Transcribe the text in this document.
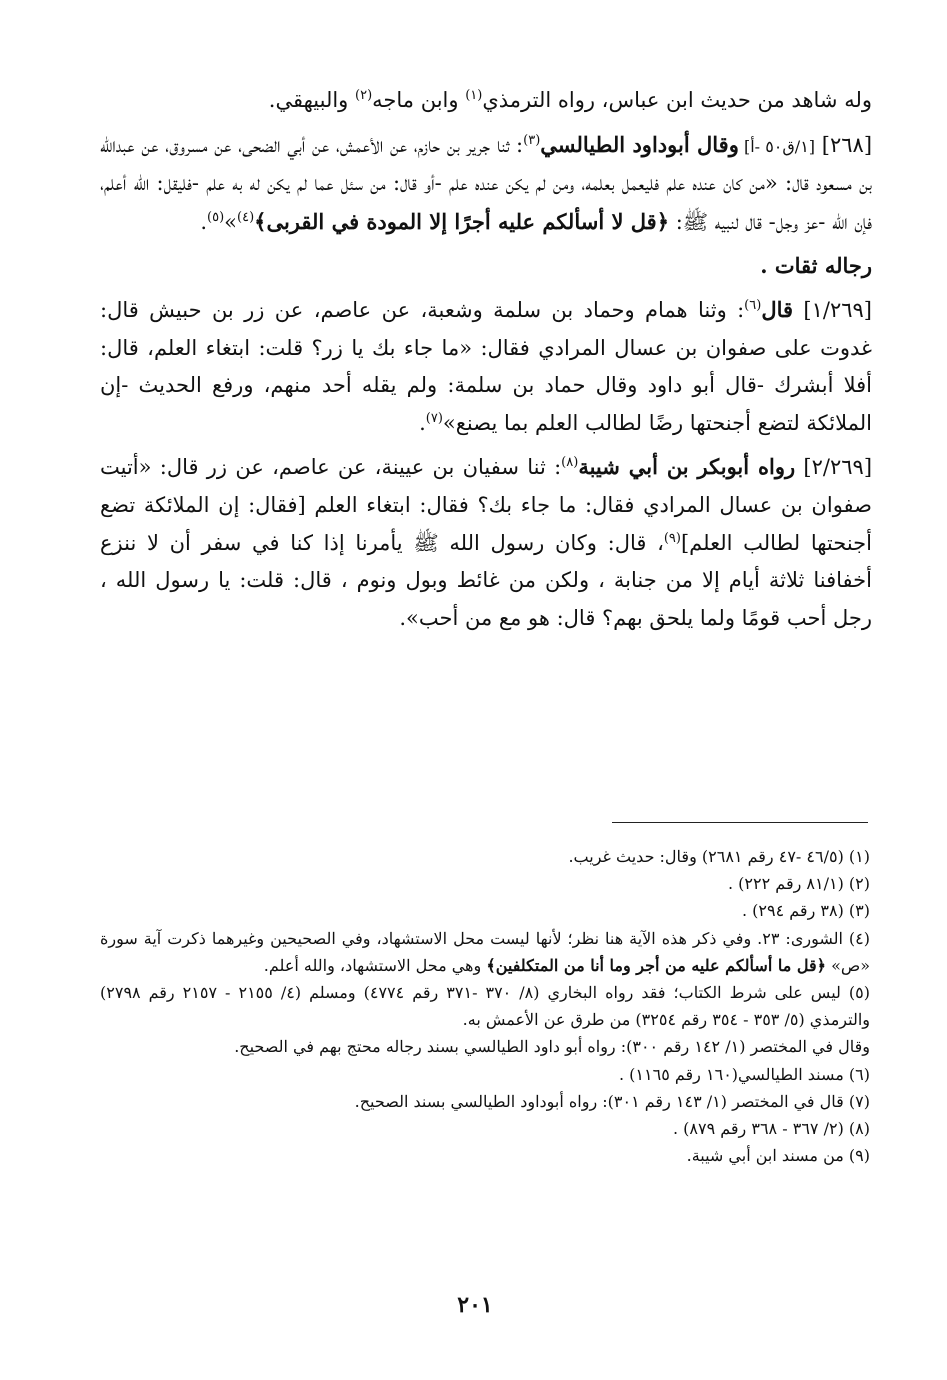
وله شاهد من حديث ابن عباس، رواه الترمذي$^{(١)}$ وابن ماجه$^{(٢)}$ والبيهقي.

[٢٦٨] [١/ق٥٠ -أ] وقال أبوداود الطيالسي$^{(٣)}$: ثنا جرير بن حازم، عن الأعمش، عن أبي الضحى، عن مسروق، عن عبدالله بن مسعود قال: «من كان عنده علم فليعمل بعلمه، ومن لم يكن عنده علم -أو قال: من سئل عما لم يكن له به علم -فليقل: الله أعلم، فإن الله -عز وجل- قال لنبيه ﷺ: ﴿قل لا أسألكم عليه أجرًا إلا المودة في القربى﴾$^{(٤)}$»$^{(٥)}$.

رجاله ثقات .

[١/٢٦٩] قال$^{(٦)}$: وثنا همام وحماد بن سلمة وشعبة، عن عاصم، عن زر بن حبيش قال: غدوت على صفوان بن عسال المرادي فقال: «ما جاء بك يا زر؟ قلت: ابتغاء العلم، قال: أفلا أبشرك -قال أبو داود وقال حماد بن سلمة: ولم يقله أحد منهم، ورفع الحديث -إن الملائكة لتضع أجنحتها رضًا لطالب العلم بما يصنع»$^{(٧)}$.

[٢/٢٦٩] رواه أبوبكر بن أبي شيبة$^{(٨)}$: ثنا سفيان بن عيينة، عن عاصم، عن زر قال: «أتيت صفوان بن عسال المرادي فقال: ما جاء بك؟ فقال: ابتغاء العلم [فقال: إن الملائكة تضع أجنحتها لطالب العلم]$^{(٩)}$، قال: وكان رسول الله ﷺ يأمرنا إذا كنا في سفر أن لا ننزع أخفافنا ثلاثة أيام إلا من جنابة ، ولكن من غائط وبول ونوم ، قال: قلت: يا رسول الله ، رجل أحب قومًا ولما يلحق بهم؟ قال: هو مع من أحب».

(١) (٤٦/٥ -٤٧ رقم ٢٦٨١) وقال: حديث غريب.

(٢) (٨١/١ رقم ٢٢٢) .

(٣) (٣٨ رقم ٢٩٤) .

(٤) الشورى: ٢٣. وفي ذكر هذه الآية هنا نظر؛ لأنها ليست محل الاستشهاد، وفي الصحيحين وغيرهما ذكرت آية سورة «ص» ﴿قل ما أسألكم عليه من أجر وما أنا من المتكلفين﴾ وهي محل الاستشهاد، والله أعلم.

(٥) ليس على شرط الكتاب؛ فقد رواه البخاري (٨/ ٣٧٠ -٣٧١ رقم ٤٧٧٤) ومسلم (٤/ ٢١٥٥ - ٢١٥٧ رقم ٢٧٩٨) والترمذي (٥/ ٣٥٣ - ٣٥٤ رقم ٣٢٥٤) من طرق عن الأعمش به.

وقال في المختصر (١/ ١٤٢ رقم ٣٠٠): رواه أبو داود الطيالسي بسند رجاله محتج بهم في الصحيح.

(٦) مسند الطيالسي(١٦٠ رقم ١١٦٥) .

(٧) قال في المختصر (١/ ١٤٣ رقم ٣٠١): رواه أبوداود الطيالسي بسند الصحيح.

(٨) (٢/ ٣٦٧ - ٣٦٨ رقم ٨٧٩) .

(٩) من مسند ابن أبي شيبة.

٢٠١
